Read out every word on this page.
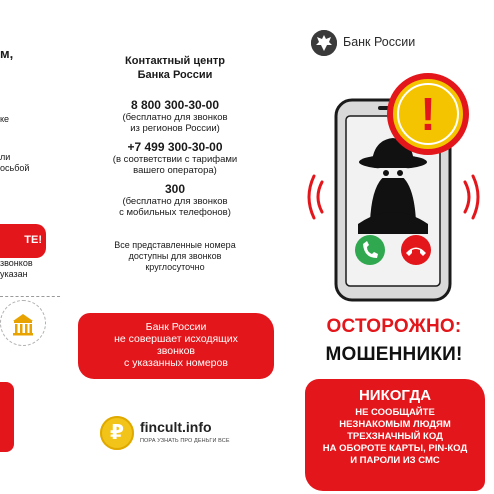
м,
ке
ли
осьбой
ТЕ!
звонков
указан
Контактный центр
Банка России
8 800 300-30-00
(бесплатно для звонков
из регионов России)
+7 499 300-30-00
(в соответствии с тарифами
вашего оператора)
300
(бесплатно для звонков
с мобильных телефонов)
Все представленные номера
доступны для звонков
круглосуточно
Банк России
не совершает исходящих
звонков
с указанных номеров
₽	fincult.info
ПОРА УЗНАТЬ ПРО ДЕНЬГИ ВСЕ
Банк России
!
ОСТОРОЖНО:
МОШЕННИКИ!
НИКОГДА
НЕ СООБЩАЙТЕ
НЕЗНАКОМЫМ ЛЮДЯМ
ТРЕХЗНАЧНЫЙ КОД
НА ОБОРОТЕ КАРТЫ, PIN-КОД
И ПАРОЛИ ИЗ СМС
